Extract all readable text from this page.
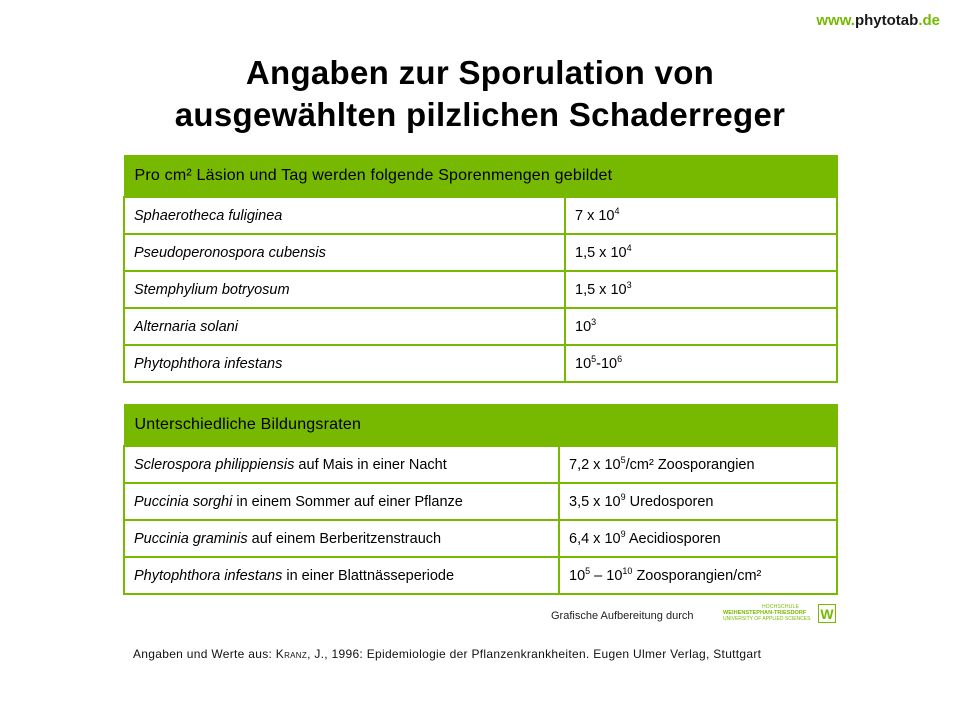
www.phytotab.de
Angaben zur Sporulation von
ausgewählten pilzlichen Schaderreger
Pro cm² Läsion und Tag werden folgende Sporenmengen gebildet	
Sphaerotheca fuliginea	7 x $10^4$
Pseudoperonospora cubensis	1,5 x $10^4$
Stemphylium botryosum	1,5 x $10^3$
Alternaria solani	$10^3$
Phytophthora infestans	$10^5-10^6$
Unterschiedliche Bildungsraten	
Sclerospora philippiensis auf Mais in einer Nacht	7,2 x $10^5$/cm² Zoosporangien
Puccinia sorghi in einem Sommer auf einer Pflanze	3,5 x $10^9$ Uredosporen
Puccinia graminis auf einem Berberitzenstrauch	6,4 x $10^9$ Aecidiosporen
Phytophthora infestans in einer Blattnässeperiode	$10^5 - 10^{10}$ Zoosporangien/cm²
Grafische Aufbereitung durch
HOCHSCHULE
WEIHENSTEPHAN-TRIESDORF
UNIVERSITY OF APPLIED SCIENCES W
Angaben und Werte aus: Kranz, J., 1996: Epidemiologie der Pflanzenkrankheiten. Eugen Ulmer Verlag, Stuttgart
